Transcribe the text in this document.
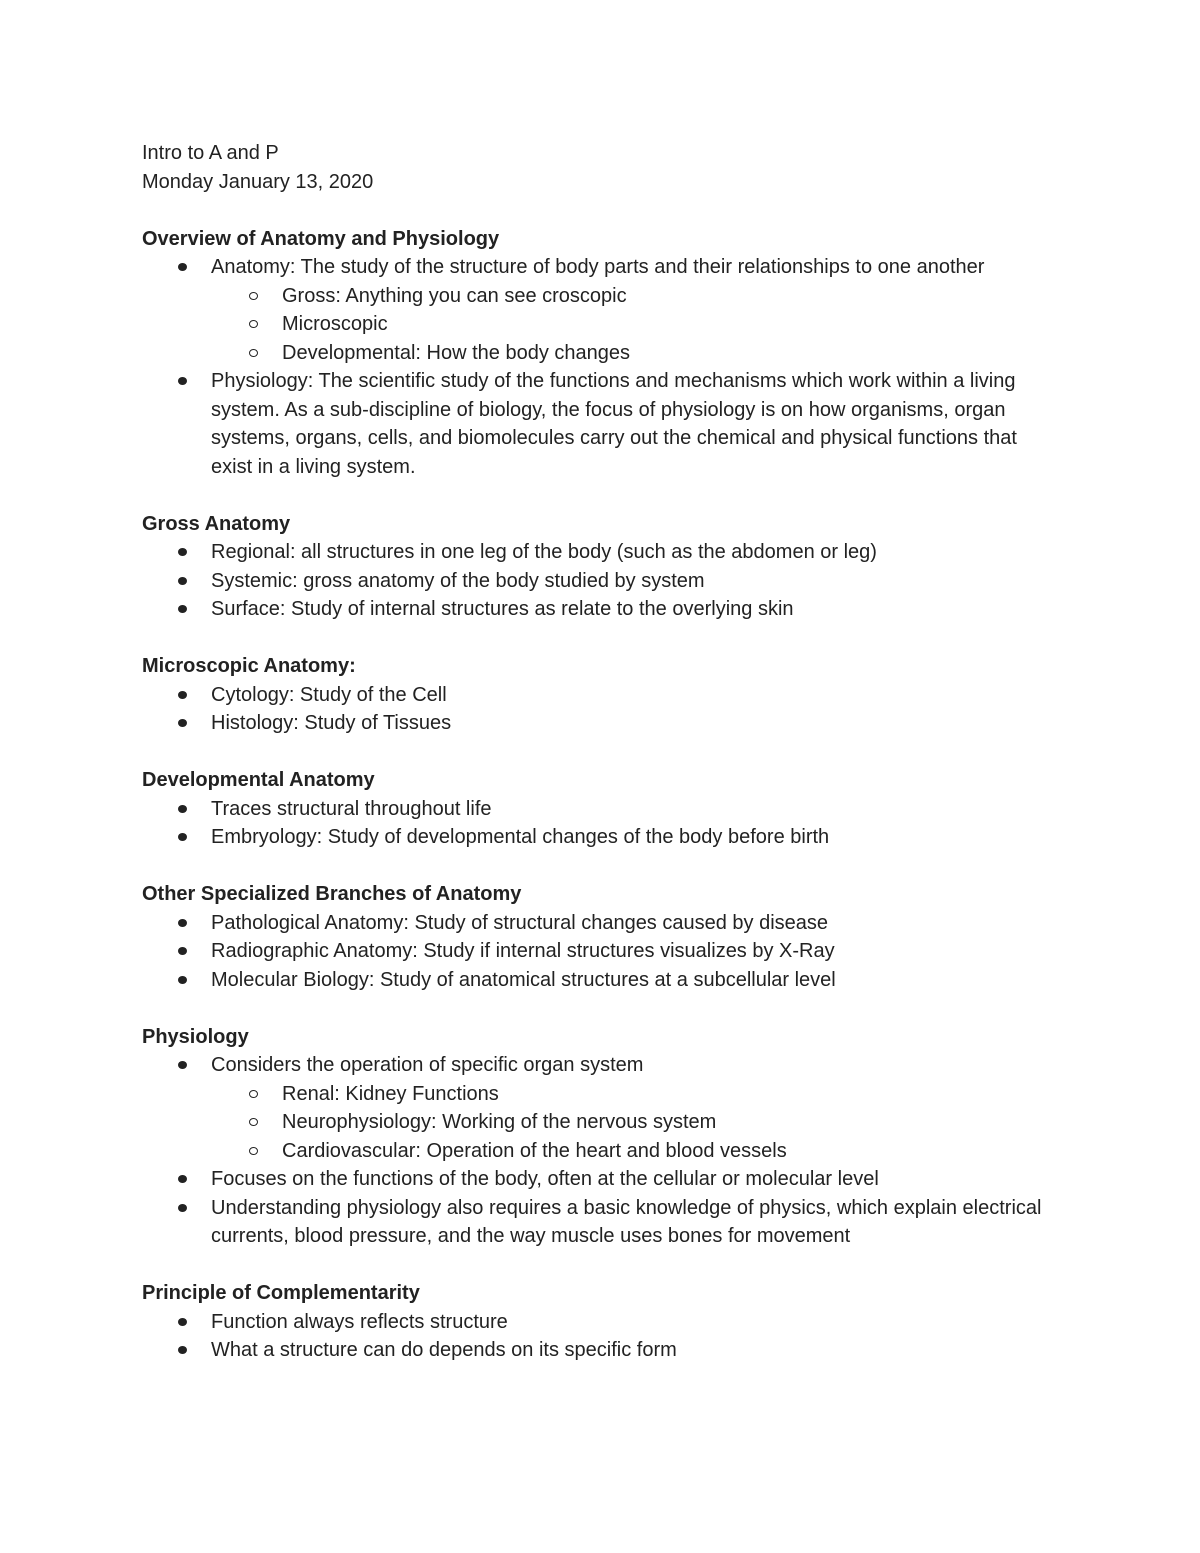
Intro to A and P

Monday January 13, 2020

Overview of Anatomy and Physiology

Anatomy: The study of the structure of body parts and their relationships to one another
Gross: Anything you can see croscopic
Microscopic
Developmental: How the body changes
Physiology: The scientific study of the functions and mechanisms which work within a living system. As a sub-discipline of biology, the focus of physiology is on how organisms, organ systems, organs, cells, and biomolecules carry out the chemical and physical functions that exist in a living system.

Gross Anatomy

Regional: all structures in one leg of the body (such as the abdomen or leg)
Systemic: gross anatomy of the body studied by system
Surface: Study of internal structures as relate to the overlying skin

Microscopic Anatomy:

Cytology: Study of the Cell
Histology: Study of Tissues

Developmental Anatomy

Traces structural throughout life
Embryology: Study of developmental changes of the body before birth

Other Specialized Branches of Anatomy

Pathological Anatomy: Study of structural changes caused by disease
Radiographic Anatomy: Study if internal structures visualizes by X-Ray
Molecular Biology: Study of anatomical structures at a subcellular level

Physiology

Considers the operation of specific organ system
Renal: Kidney Functions
Neurophysiology: Working of the nervous system
Cardiovascular: Operation of the heart and blood vessels
Focuses on the functions of the body, often at the cellular or molecular level
Understanding physiology also requires a basic knowledge of physics, which explain electrical currents, blood pressure, and the way muscle uses bones for movement

Principle of Complementarity

Function always reflects structure
What a structure can do depends on its specific form
